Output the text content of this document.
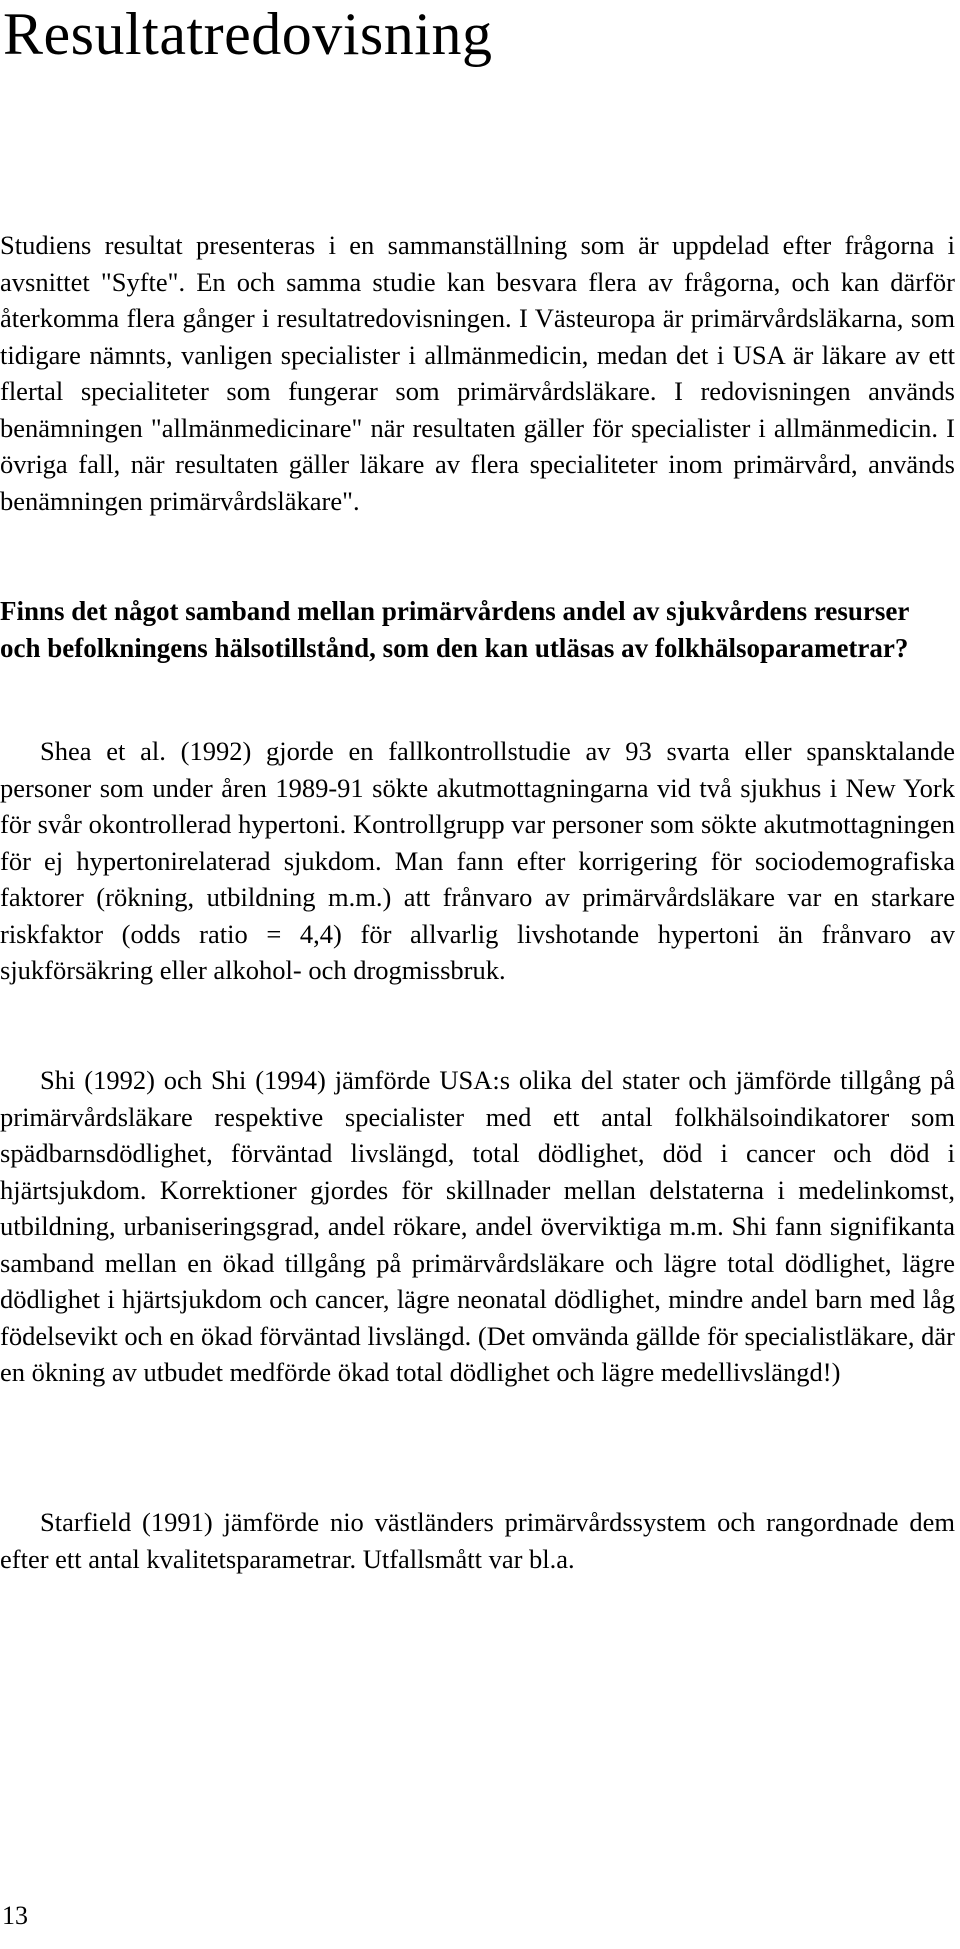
Resultatredovisning

Studiens resultat presenteras i en sammanställning som är uppdelad efter frågorna i avsnittet "Syfte". En och samma studie kan besvara flera av frågorna, och kan därför återkomma flera gånger i resultatredovisningen. I Västeuropa är primärvårdsläkarna, som tidigare nämnts, vanligen specialister i allmänmedicin, medan det i USA är läkare av ett flertal specialiteter som fungerar som primärvårdsläkare. I redovisningen används benämningen "allmänmedicinare" när resultaten gäller för specialister i allmänmedicin. I övriga fall, när resultaten gäller läkare av flera specialiteter inom primärvård, används benämningen primärvårdsläkare".

Finns det något samband mellan primärvårdens andel av sjukvårdens resurser och befolkningens hälsotillstånd, som den kan utläsas av folkhälsoparametrar?

Shea et al. (1992) gjorde en fallkontrollstudie av 93 svarta eller spansktalande personer som under åren 1989-91 sökte akutmottagningarna vid två sjukhus i New York för svår okontrollerad hypertoni. Kontrollgrupp var personer som sökte akutmottagningen för ej hypertonirelaterad sjukdom. Man fann efter korrigering för sociodemografiska faktorer (rökning, utbildning m.m.) att frånvaro av primärvårdsläkare var en starkare riskfaktor (odds ratio = 4,4) för allvarlig livshotande hypertoni än frånvaro av sjukförsäkring eller alkohol- och drogmissbruk.

Shi (1992) och Shi (1994) jämförde USA:s olika del stater och jämförde tillgång på primärvårdsläkare respektive specialister med ett antal folkhälsoindikatorer som spädbarnsdödlighet, förväntad livslängd, total dödlighet, död i cancer och död i hjärtsjukdom. Korrektioner gjordes för skillnader mellan delstaterna i medelinkomst, utbildning, urbaniseringsgrad, andel rökare, andel överviktiga m.m. Shi fann signifikanta samband mellan en ökad tillgång på primärvårdsläkare och lägre total dödlighet, lägre dödlighet i hjärtsjukdom och cancer, lägre neonatal dödlighet, mindre andel barn med låg födelsevikt och en ökad förväntad livslängd. (Det omvända gällde för specialistläkare, där en ökning av utbudet medförde ökad total dödlighet och lägre medellivslängd!)

Starfield (1991) jämförde nio västländers primärvårdssystem och rangordnade dem efter ett antal kvalitetsparametrar. Utfallsmått var bl.a.

13
